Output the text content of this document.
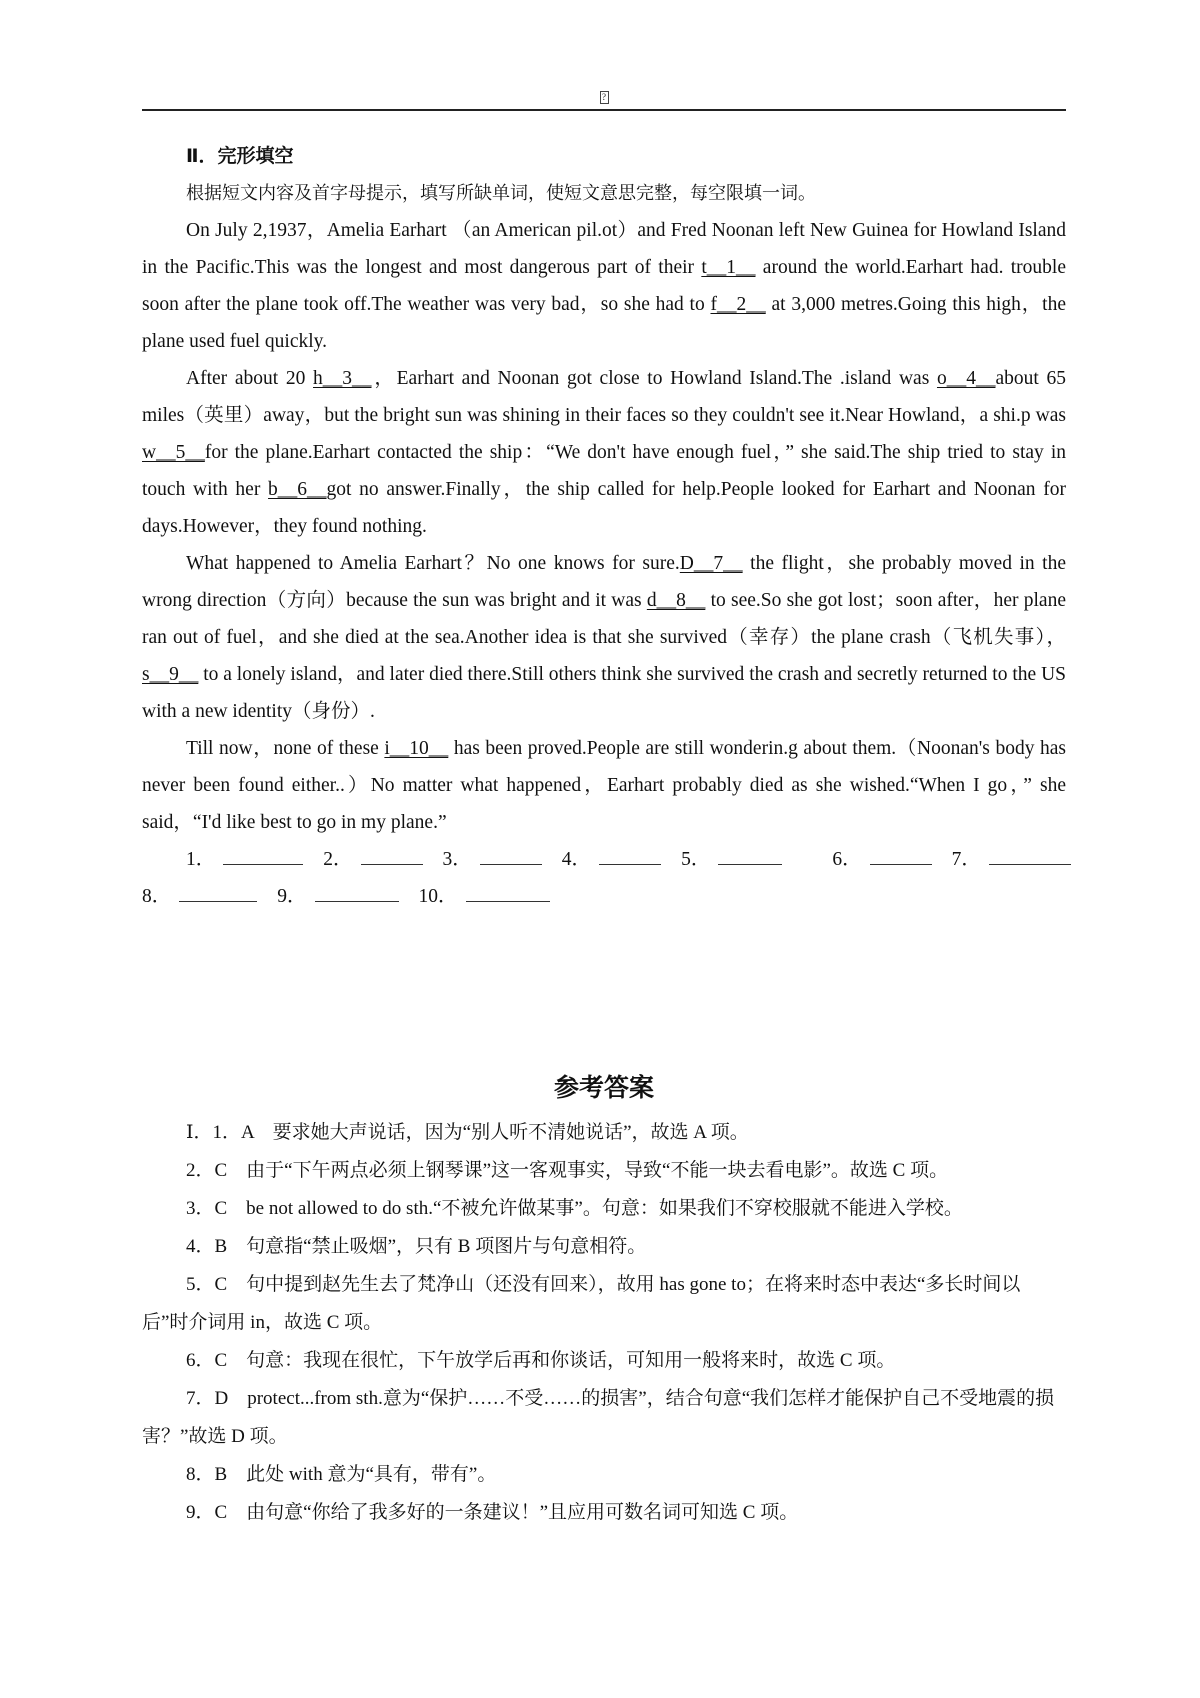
?

Ⅱ．完形填空

根据短文内容及首字母提示，填写所缺单词，使短文意思完整，每空限填一词。

On July 2,1937，Amelia Earhart （an American pil.ot）and Fred Noonan left New Guinea for Howland Island in the Pacific.This was the longest and most dangerous part of their t__1__ around the world.Earhart had. trouble soon after the plane took off.The weather was very bad，so she had to f__2__ at 3,000 metres.Going this high，the plane used fuel quickly.

After about 20 h__3__，Earhart and Noonan got close to Howland Island.The .island was o__4__about 65 miles（英里）away，but the bright sun was shining in their faces so they couldn't see it.Near Howland，a shi.p was w__5__for the plane.Earhart contacted the ship：“We don't have enough fuel，” she said.The ship tried to stay in touch with her b__6__got no answer.Finally，the ship called for help.People looked for Earhart and Noonan for days.However，they found nothing.

What happened to Amelia Earhart？No one knows for sure.D__7__ the flight，she probably moved in the wrong direction（方向）because the sun was bright and it was d__8__ to see.So she got lost；soon after，her plane ran out of fuel，and she died at the sea.Another idea is that she survived（幸存）the plane crash（飞机失事），s__9__ to a lonely island，and later died there.Still others think she survived the crash and secretly returned to the US with a new identity（身份）.

Till now，none of these i__10__ has been proved.People are still wonderin.g about them.（Noonan's body has never been found either..）No matter what happened，Earhart probably died as she wished.“When I go，” she said，“I'd like best to go in my plane.”

1．	2．	3．	4．	5．	6．	7．
8．	9．	10．
参考答案

Ⅰ．1．A　要求她大声说话，因为“别人听不清她说话”，故选 A 项。

2．C　由于“下午两点必须上钢琴课”这一客观事实，导致“不能一块去看电影”。故选 C 项。

3．C　be not allowed to do sth.“不被允许做某事”。句意：如果我们不穿校服就不能进入学校。

4．B　句意指“禁止吸烟”，只有 B 项图片与句意相符。

5．C　句中提到赵先生去了梵净山（还没有回来），故用 has gone to；在将来时态中表达“多长时间以后”时介词用 in，故选 C 项。

6．C　句意：我现在很忙，下午放学后再和你谈话，可知用一般将来时，故选 C 项。

7．D　protect...from sth.意为“保护……不受……的损害”，结合句意“我们怎样才能保护自己不受地震的损害？”故选 D 项。

8．B　此处 with 意为“具有，带有”。

9．C　由句意“你给了我多好的一条建议！”且应用可数名词可知选 C 项。
